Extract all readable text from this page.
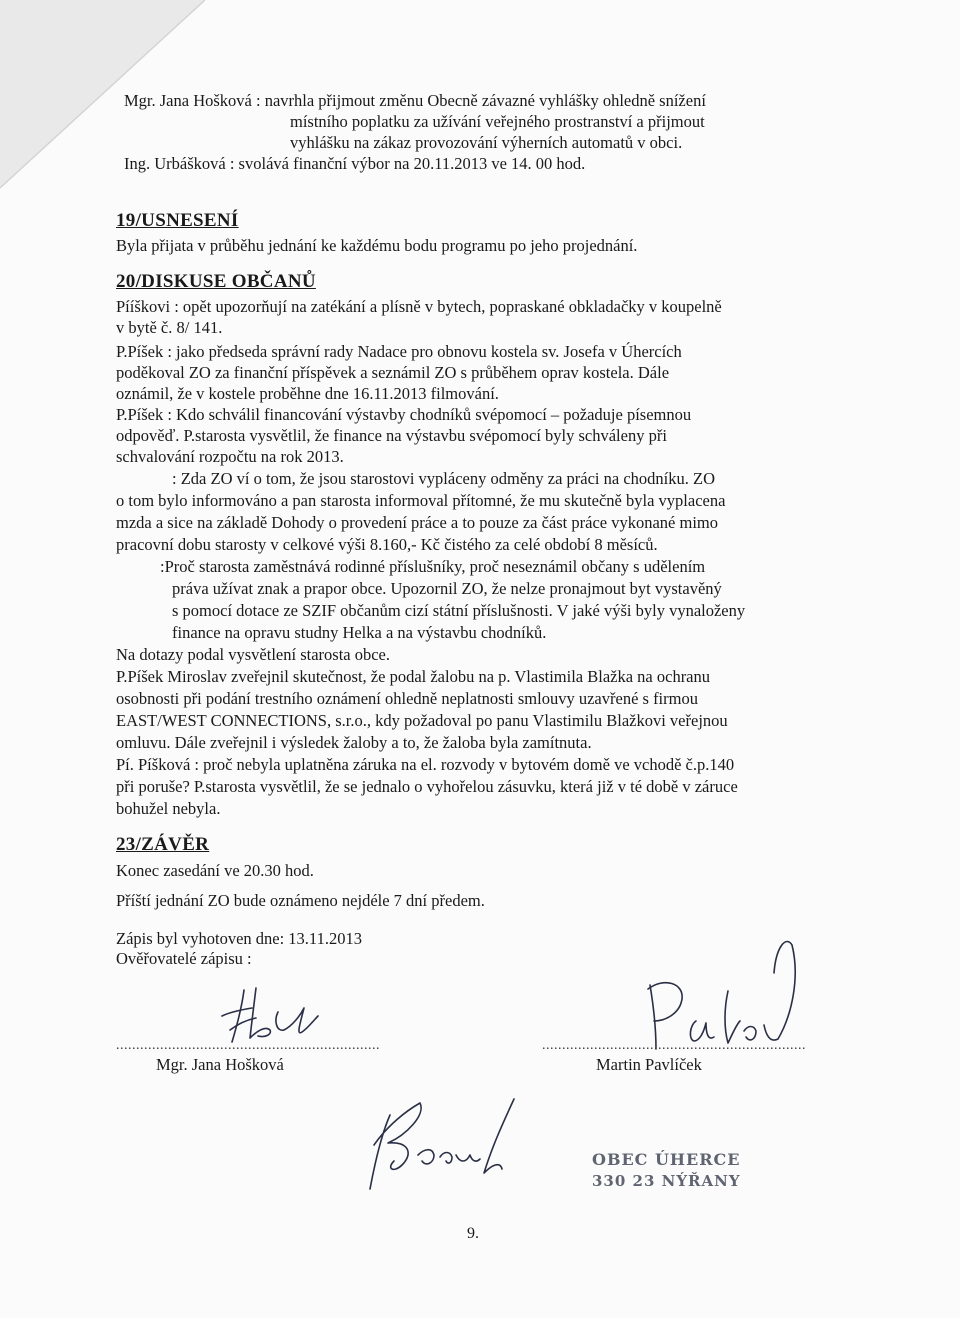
Mgr. Jana Hošková : navrhla přijmout změnu Obecně závazné vyhlášky ohledně snížení
místního poplatku za užívání veřejného prostranství a přijmout
vyhlášku na zákaz provozování výherních automatů v obci.
Ing. Urbášková : svolává finanční výbor na 20.11.2013 ve 14. 00 hod.
19/USNESENÍ
Byla přijata v průběhu jednání ke každému bodu programu po jeho projednání.
20/DISKUSE OBČANŮ
Pííškovi : opět upozorňují na zatékání a plísně v bytech, popraskané obkladačky v koupelně
v bytě č. 8/ 141.
P.Píšek : jako předseda správní rady Nadace pro obnovu kostela sv. Josefa v Úhercích
poděkoval ZO za finanční příspěvek a seznámil ZO s průběhem oprav kostela. Dále
oznámil, že v kostele proběhne dne 16.11.2013 filmování.
P.Píšek : Kdo schválil financování výstavby chodníků svépomocí – požaduje písemnou
odpověď. P.starosta vysvětlil, že finance na výstavbu svépomocí byly schváleny při
schvalování rozpočtu na rok 2013.
: Zda ZO ví o tom, že jsou starostovi vypláceny odměny za práci na chodníku. ZO
o tom bylo informováno a pan starosta informoval přítomné, že mu skutečně byla vyplacena
mzda a sice na základě Dohody o provedení práce a to pouze za část práce vykonané mimo
pracovní dobu starosty v celkové výši 8.160,- Kč čistého za celé období 8 měsíců.
:Proč starosta zaměstnává rodinné příslušníky, proč neseznámil občany s udělením
práva užívat znak a prapor obce. Upozornil ZO, že nelze pronajmout byt vystavěný
s pomocí dotace ze SZIF občanům cizí státní příslušnosti. V jaké výši byly vynaloženy
finance na opravu studny Helka a na výstavbu chodníků.
Na dotazy podal vysvětlení starosta obce.
P.Píšek Miroslav zveřejnil skutečnost, že podal žalobu na p. Vlastimila Blažka na ochranu
osobnosti při podání trestního oznámení ohledně neplatnosti smlouvy uzavřené s firmou
EAST/WEST CONNECTIONS, s.r.o., kdy požadoval po panu Vlastimilu Blažkovi veřejnou
omluvu. Dále zveřejnil i výsledek žaloby a to, že žaloba byla zamítnuta.
Pí. Píšková : proč nebyla uplatněna záruka na el. rozvody v bytovém domě ve vchodě č.p.140
při poruše? P.starosta vysvětlil, že se jednalo o vyhořelou zásuvku, která již v té době v záruce
bohužel nebyla.
23/ZÁVĚR
Konec zasedání ve 20.30 hod.
Příští jednání ZO bude oznámeno nejdéle 7 dní předem.
Zápis byl vyhotoven dne: 13.11.2013
Ověřovatelé zápisu :
..................................................................	..................................................................
Mgr. Jana Hošková	Martin Pavlíček
OBEC ÚHERCE
330 23 NÝŘANY
9.
